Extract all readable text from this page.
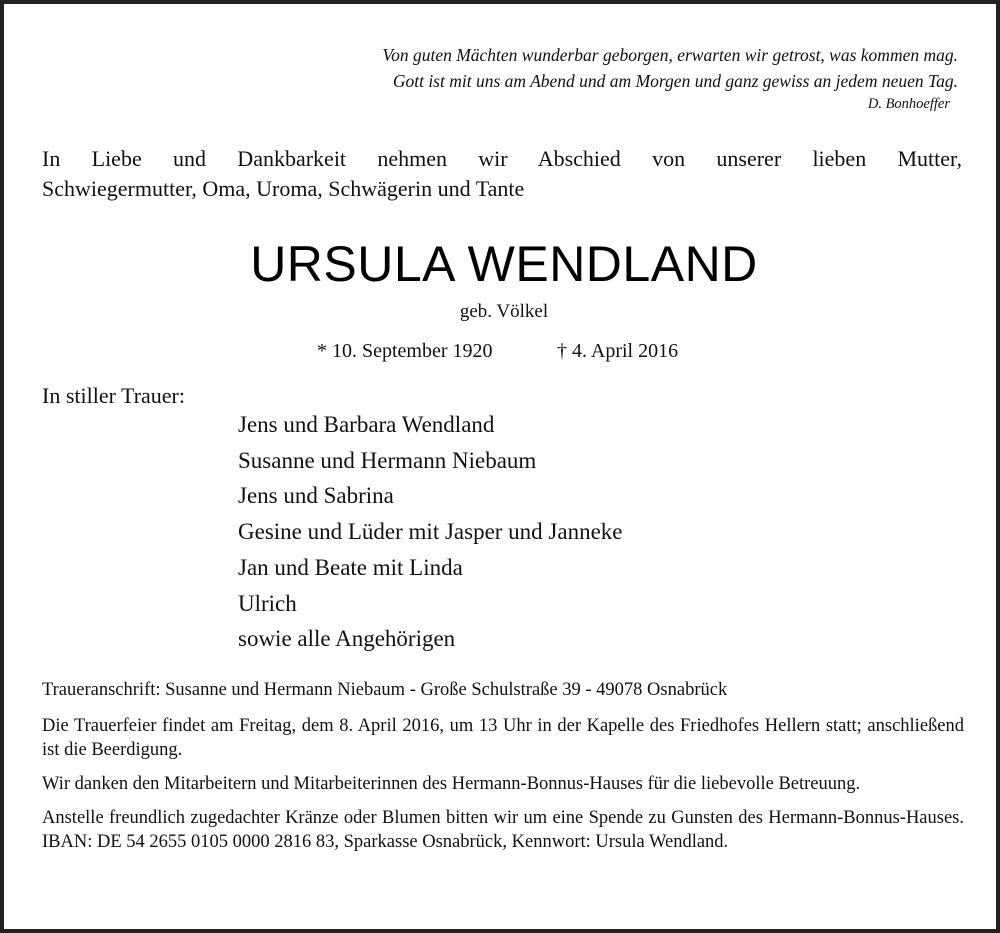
Von guten Mächten wunderbar geborgen, erwarten wir getrost, was kommen mag.
Gott ist mit uns am Abend und am Morgen und ganz gewiss an jedem neuen Tag.
D. Bonhoeffer
In Liebe und Dankbarkeit nehmen wir Abschied von unserer lieben Mutter,
Schwiegermutter, Oma, Uroma, Schwägerin und Tante
URSULA WENDLAND
geb. Völkel
* 10. September 1920	† 4. April 2016
In stiller Trauer:
Jens und Barbara Wendland
Susanne und Hermann Niebaum
Jens und Sabrina
Gesine und Lüder mit Jasper und Janneke
Jan und Beate mit Linda
Ulrich
sowie alle Angehörigen

Traueranschrift: Susanne und Hermann Niebaum - Große Schulstraße 39 - 49078 Osnabrück

Die Trauerfeier findet am Freitag, dem 8. April 2016, um 13 Uhr in der Kapelle des Friedhofes Hellern statt; anschließend ist die Beerdigung.

Wir danken den Mitarbeitern und Mitarbeiterinnen des Hermann-Bonnus-Hauses für die liebevolle Betreuung.

Anstelle freundlich zugedachter Kränze oder Blumen bitten wir um eine Spende zu Gunsten des Hermann-Bonnus-Hauses. IBAN: DE 54 2655 0105 0000 2816 83, Sparkasse Osnabrück, Kennwort: Ursula Wendland.
